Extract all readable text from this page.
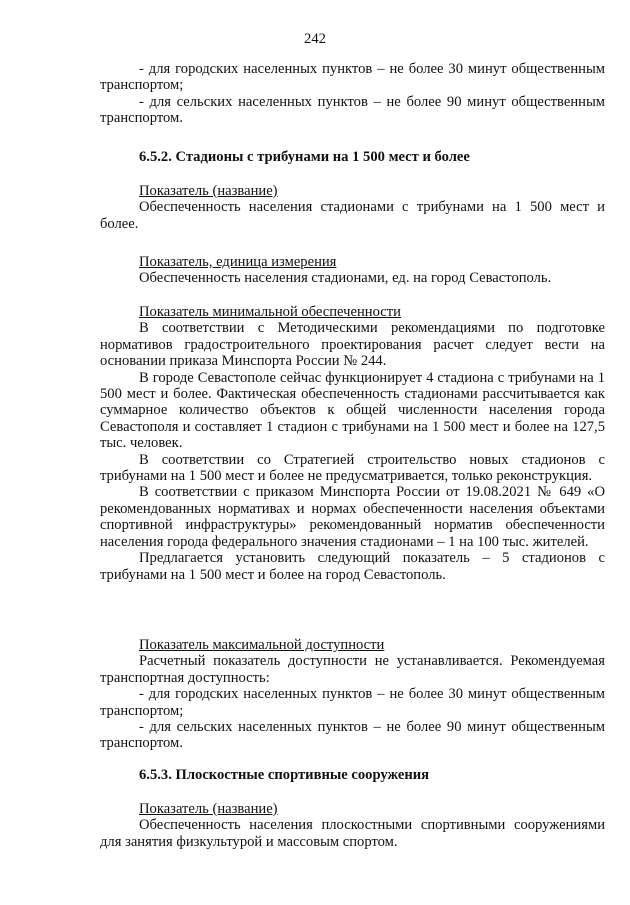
242

- для городских населенных пунктов – не более 30 минут общественным транспортом;

- для сельских населенных пунктов – не более 90 минут общественным транспортом.

6.5.2. Стадионы с трибунами на 1 500 мест и более

Показатель (название)

Обеспеченность населения стадионами с трибунами на 1 500 мест и более.

Показатель, единица измерения

Обеспеченность населения стадионами, ед. на город Севастополь.

Показатель минимальной обеспеченности

В соответствии с Методическими рекомендациями по подготовке нормативов градостроительного проектирования расчет следует вести на основании приказа Минспорта России № 244.

В городе Севастополе сейчас функционирует 4 стадиона с трибунами на 1 500 мест и более. Фактическая обеспеченность стадионами рассчитывается как суммарное количество объектов к общей численности населения города Севастополя и составляет 1 стадион с трибунами на 1 500 мест и более на 127,5 тыс. человек.

В соответствии со Стратегией строительство новых стадионов с трибунами на 1 500 мест и более не предусматривается, только реконструкция.

В соответствии с приказом Минспорта России от 19.08.2021 № 649 «О рекомендованных нормативах и нормах обеспеченности населения объектами спортивной инфраструктуры» рекомендованный норматив обеспеченности населения города федерального значения стадионами – 1 на 100 тыс. жителей.

Предлагается установить следующий показатель – 5 стадионов с трибунами на 1 500 мест и более на город Севастополь.

Показатель максимальной доступности

Расчетный показатель доступности не устанавливается. Рекомендуемая транспортная доступность:

- для городских населенных пунктов – не более 30 минут общественным транспортом;

- для сельских населенных пунктов – не более 90 минут общественным транспортом.

6.5.3. Плоскостные спортивные сооружения

Показатель (название)

Обеспеченность населения плоскостными спортивными сооружениями для занятия физкультурой и массовым спортом.
